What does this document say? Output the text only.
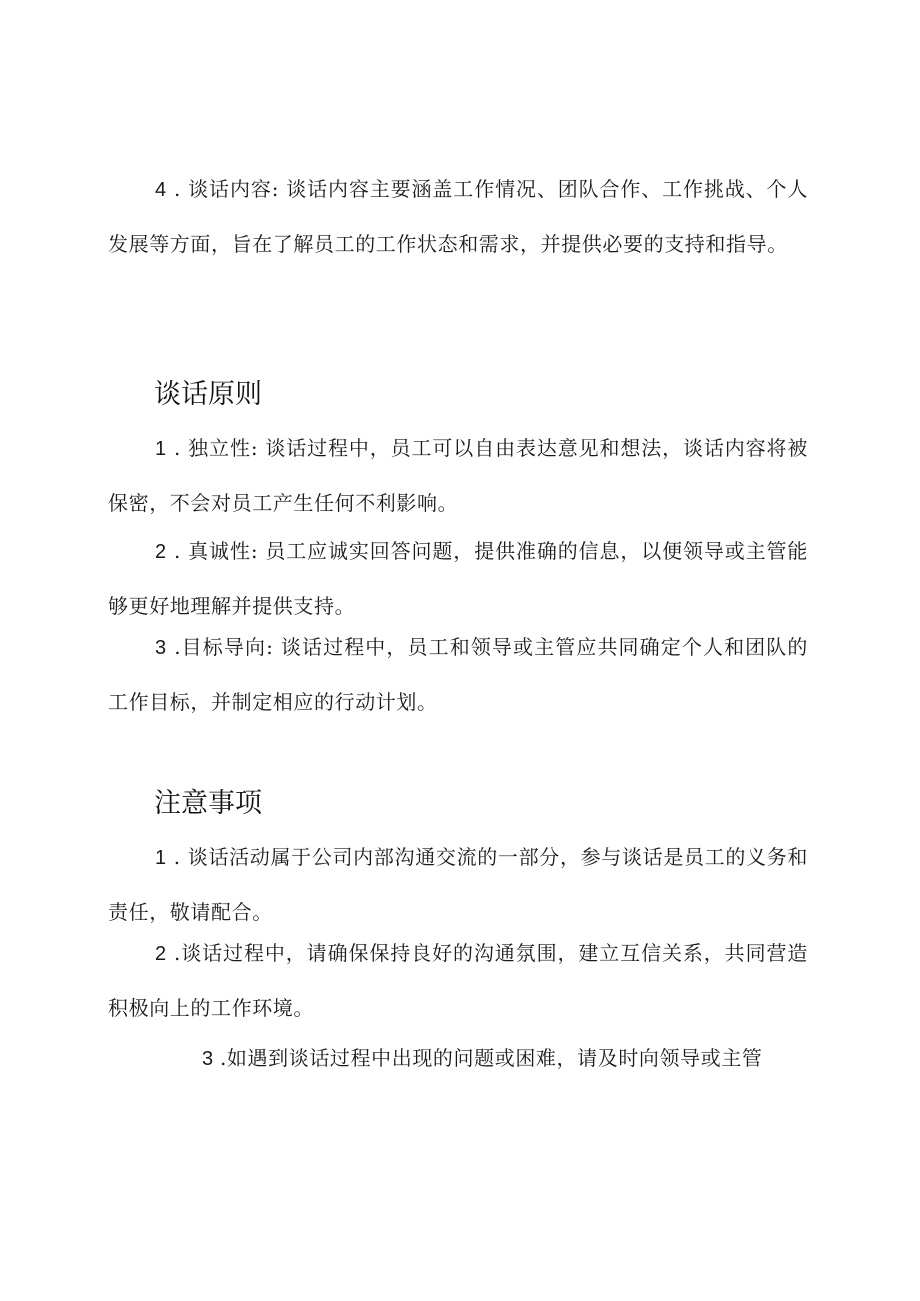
4 . 谈话内容: 谈话内容主要涵盖工作情况、团队合作、工作挑战、个人发展等方面，旨在了解员工的工作状态和需求，并提供必要的支持和指导。

谈话原则

1 . 独立性: 谈话过程中，员工可以自由表达意见和想法，谈话内容将被保密，不会对员工产生任何不利影响。

2 . 真诚性: 员工应诚实回答问题，提供准确的信息，以便领导或主管能够更好地理解并提供支持。

3 .目标导向: 谈话过程中，员工和领导或主管应共同确定个人和团队的工作目标，并制定相应的行动计划。

注意事项

1 . 谈话活动属于公司内部沟通交流的一部分，参与谈话是员工的义务和责任，敬请配合。

2 .谈话过程中，请确保保持良好的沟通氛围，建立互信关系，共同营造积极向上的工作环境。

3 .如遇到谈话过程中出现的问题或困难，请及时向领导或主管
